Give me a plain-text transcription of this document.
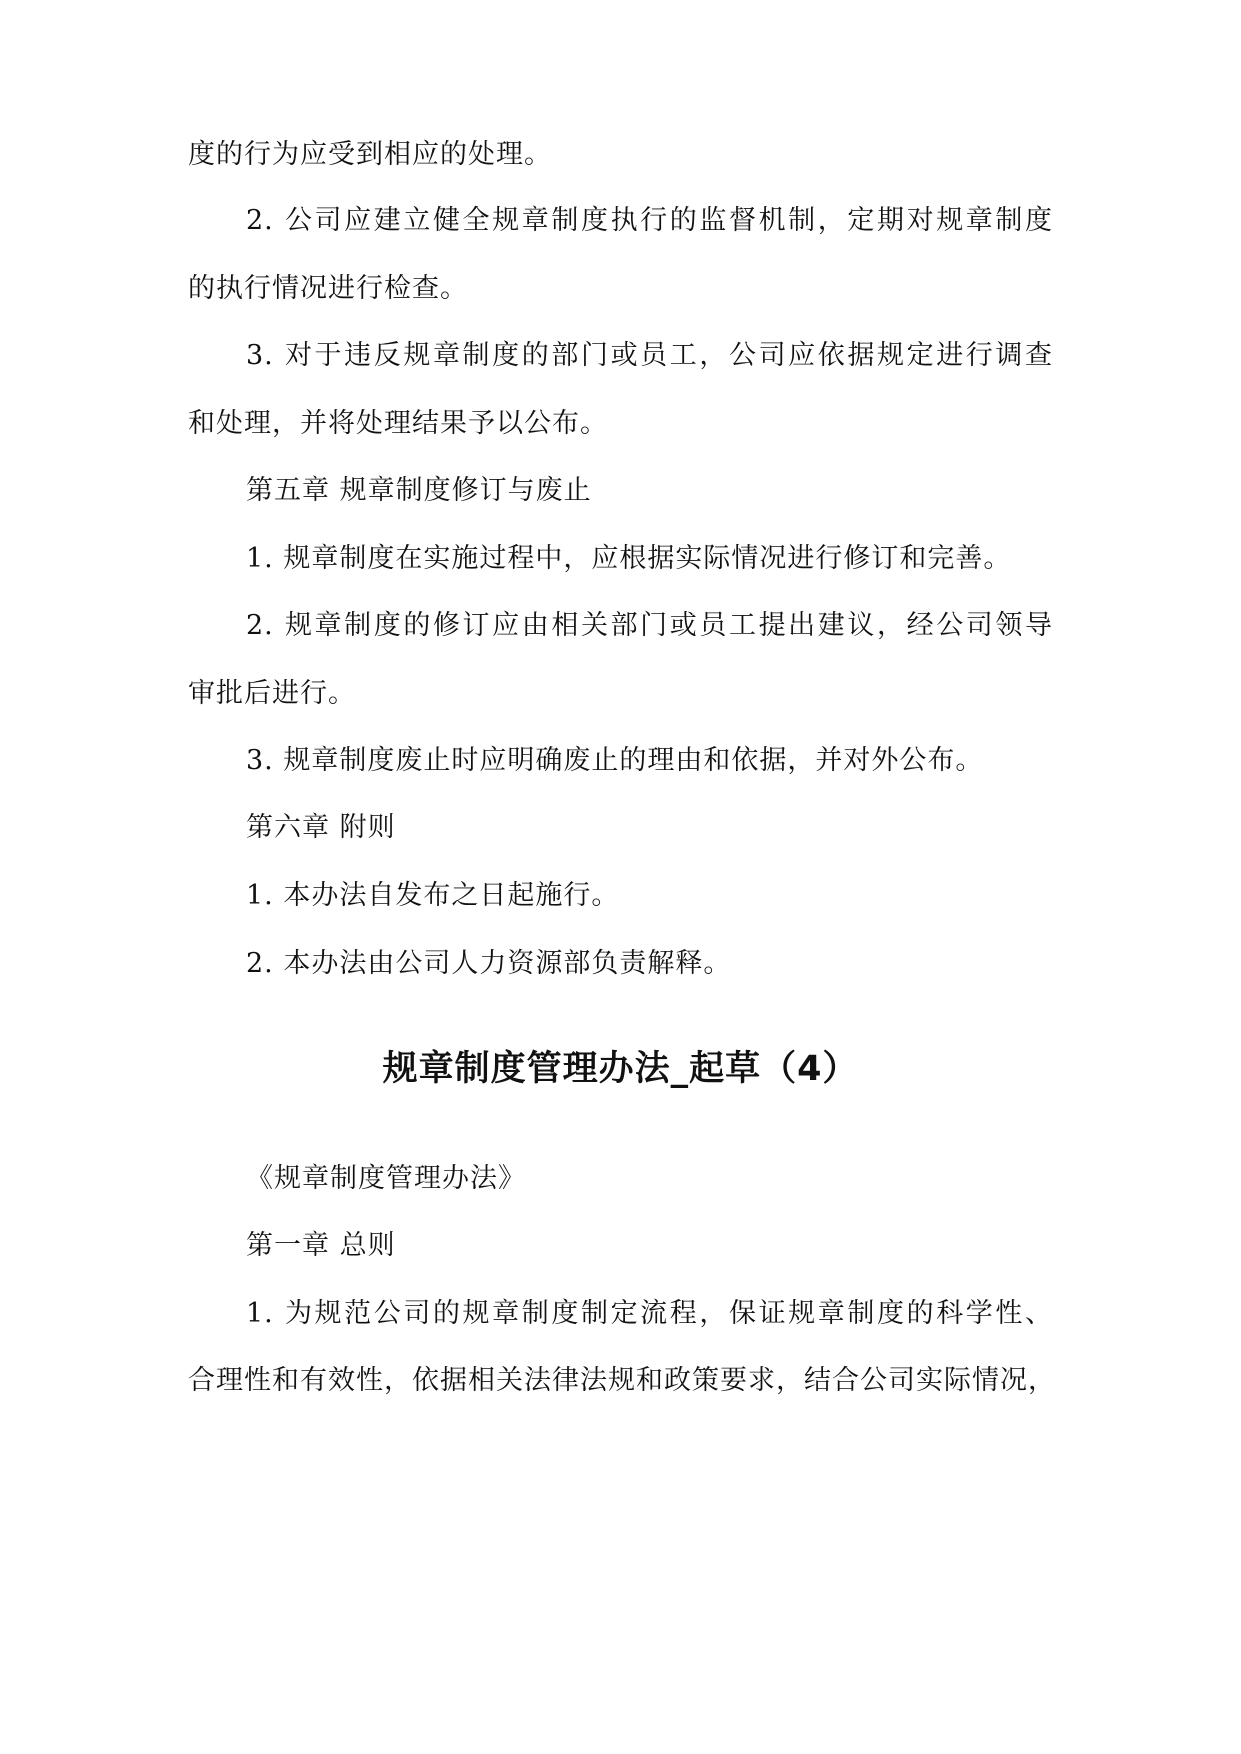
度的行为应受到相应的处理。
2. 公司应建立健全规章制度执行的监督机制，定期对规章制度
的执行情况进行检查。
3. 对于违反规章制度的部门或员工，公司应依据规定进行调查
和处理，并将处理结果予以公布。
第五章 规章制度修订与废止
1. 规章制度在实施过程中，应根据实际情况进行修订和完善。
2. 规章制度的修订应由相关部门或员工提出建议，经公司领导
审批后进行。
3. 规章制度废止时应明确废止的理由和依据，并对外公布。
第六章 附则
1. 本办法自发布之日起施行。
2. 本办法由公司人力资源部负责解释。
规章制度管理办法_起草（4）
《规章制度管理办法》
第一章 总则
1. 为规范公司的规章制度制定流程，保证规章制度的科学性、
合理性和有效性，依据相关法律法规和政策要求，结合公司实际情况，
